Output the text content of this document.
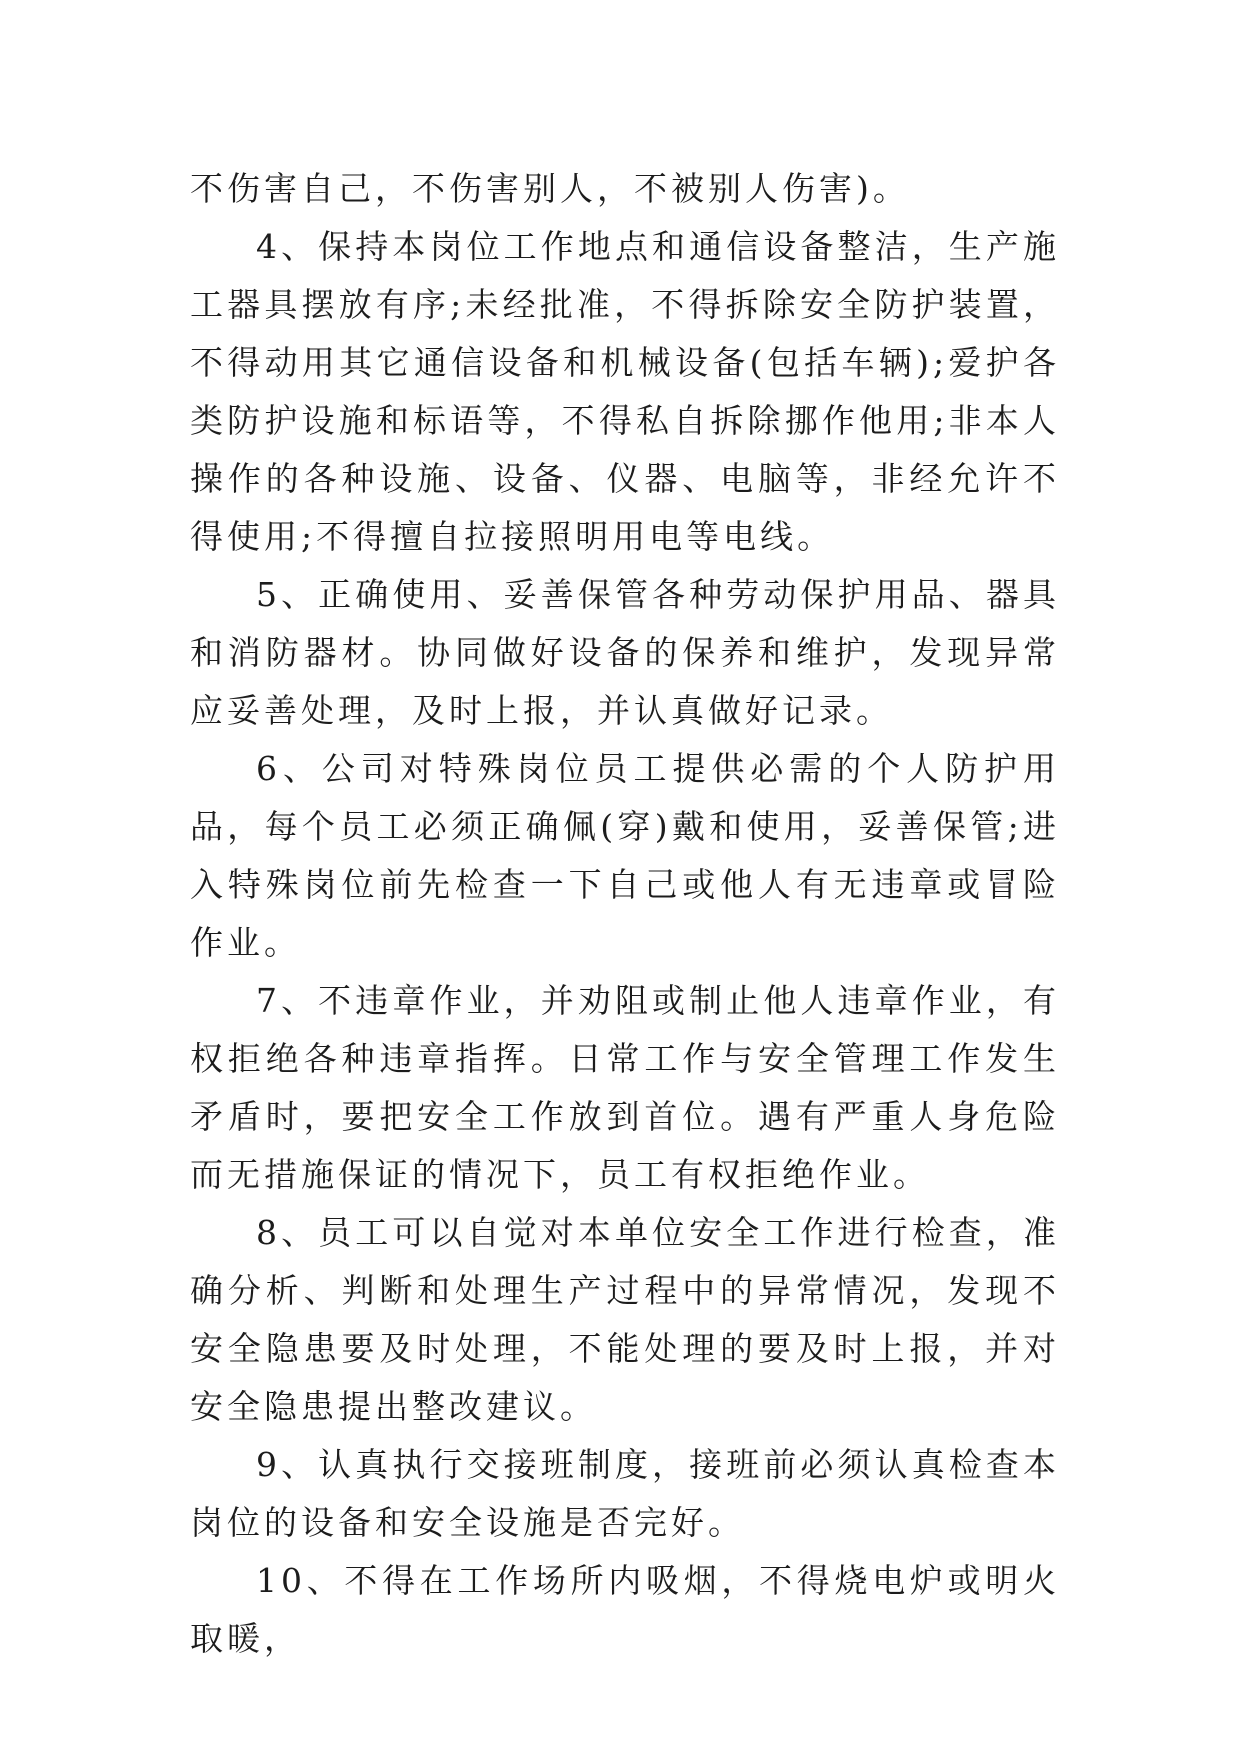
不伤害自己，不伤害别人，不被别人伤害)。

4、保持本岗位工作地点和通信设备整洁，生产施工器具摆放有序;未经批准，不得拆除安全防护装置，不得动用其它通信设备和机械设备(包括车辆);爱护各类防护设施和标语等，不得私自拆除挪作他用;非本人操作的各种设施、设备、仪器、电脑等，非经允许不得使用;不得擅自拉接照明用电等电线。

5、正确使用、妥善保管各种劳动保护用品、器具和消防器材。协同做好设备的保养和维护，发现异常应妥善处理，及时上报，并认真做好记录。

6、公司对特殊岗位员工提供必需的个人防护用品，每个员工必须正确佩(穿)戴和使用，妥善保管;进入特殊岗位前先检查一下自己或他人有无违章或冒险作业。

7、不违章作业，并劝阻或制止他人违章作业，有权拒绝各种违章指挥。日常工作与安全管理工作发生矛盾时，要把安全工作放到首位。遇有严重人身危险而无措施保证的情况下，员工有权拒绝作业。

8、员工可以自觉对本单位安全工作进行检查，准确分析、判断和处理生产过程中的异常情况，发现不安全隐患要及时处理，不能处理的要及时上报，并对安全隐患提出整改建议。

9、认真执行交接班制度，接班前必须认真检查本岗位的设备和安全设施是否完好。

10、不得在工作场所内吸烟，不得烧电炉或明火取暖，
